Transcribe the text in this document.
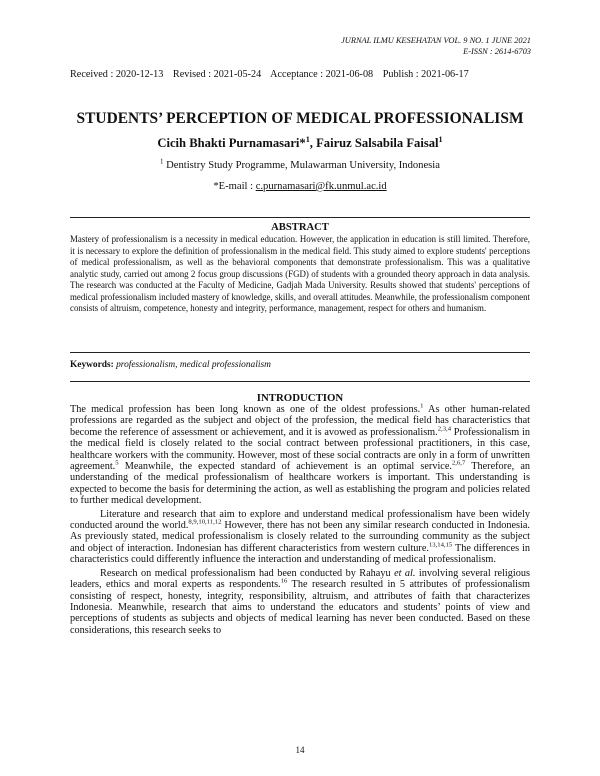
JURNAL ILMU KESEHATAN VOL. 9 NO. 1 JUNE 2021
E-ISSN : 2614-6703
Received : 2020-12-13 Revised : 2021-05-24 Acceptance : 2021-06-08 Publish : 2021-06-17
STUDENTS’ PERCEPTION OF MEDICAL PROFESSIONALISM
Cicih Bhakti Purnamasari*$^1$, Fairuz Salsabila Faisal$^1$
$^1$ Dentistry Study Programme, Mulawarman University, Indonesia
*E-mail : c.purnamasari@fk.unmul.ac.id
ABSTRACT

Mastery of professionalism is a necessity in medical education. However, the application in education is still limited. Therefore, it is necessary to explore the definition of professionalism in the medical field. This study aimed to explore students' perceptions of medical professionalism, as well as the behavioral components that demonstrate professionalism. This was a qualitative analytic study, carried out among 2 focus group discussions (FGD) of students with a grounded theory approach in data analysis. The research was conducted at the Faculty of Medicine, Gadjah Mada University. Results showed that students' perceptions of medical professionalism included mastery of knowledge, skills, and overall attitudes. Meanwhile, the professionalism component consists of altruism, competence, honesty and integrity, performance, management, respect for others and humanism.

Keywords: professionalism, medical professionalism
INTRODUCTION

The medical profession has been long known as one of the oldest professions.$^1$ As other human-related professions are regarded as the subject and object of the profession, the medical field has characteristics that become the reference of assessment or achievement, and it is avowed as professionalism.$^{2,3,4}$ Professionalism in the medical field is closely related to the social contract between professional practitioners, in this case, healthcare workers with the community. However, most of these social contracts are only in a form of unwritten agreement.$^5$ Meanwhile, the expected standard of achievement is an optimal service.$^{2,6,7}$ Therefore, an understanding of the medical professionalism of healthcare workers is important. This understanding is expected to become the basis for determining the action, as well as establishing the program and policies related to further medical development.

Literature and research that aim to explore and understand medical professionalism have been widely conducted around the world.$^{8,9,10,11,12}$ However, there has not been any similar research conducted in Indonesia. As previously stated, medical professionalism is closely related to the surrounding community as the subject and object of interaction. Indonesian has different characteristics from western culture.$^{13,14,15}$ The differences in characteristics could differently influence the interaction and understanding of medical professionalism.

Research on medical professionalism had been conducted by Rahayu et al. involving several religious leaders, ethics and moral experts as respondents.$^{16}$ The research resulted in 5 attributes of professionalism consisting of respect, honesty, integrity, responsibility, altruism, and attributes of faith that characterizes Indonesia. Meanwhile, research that aims to understand the educators and students’ points of view and perceptions of students as subjects and objects of medical learning has never been conducted. Based on these considerations, this research seeks to

14
